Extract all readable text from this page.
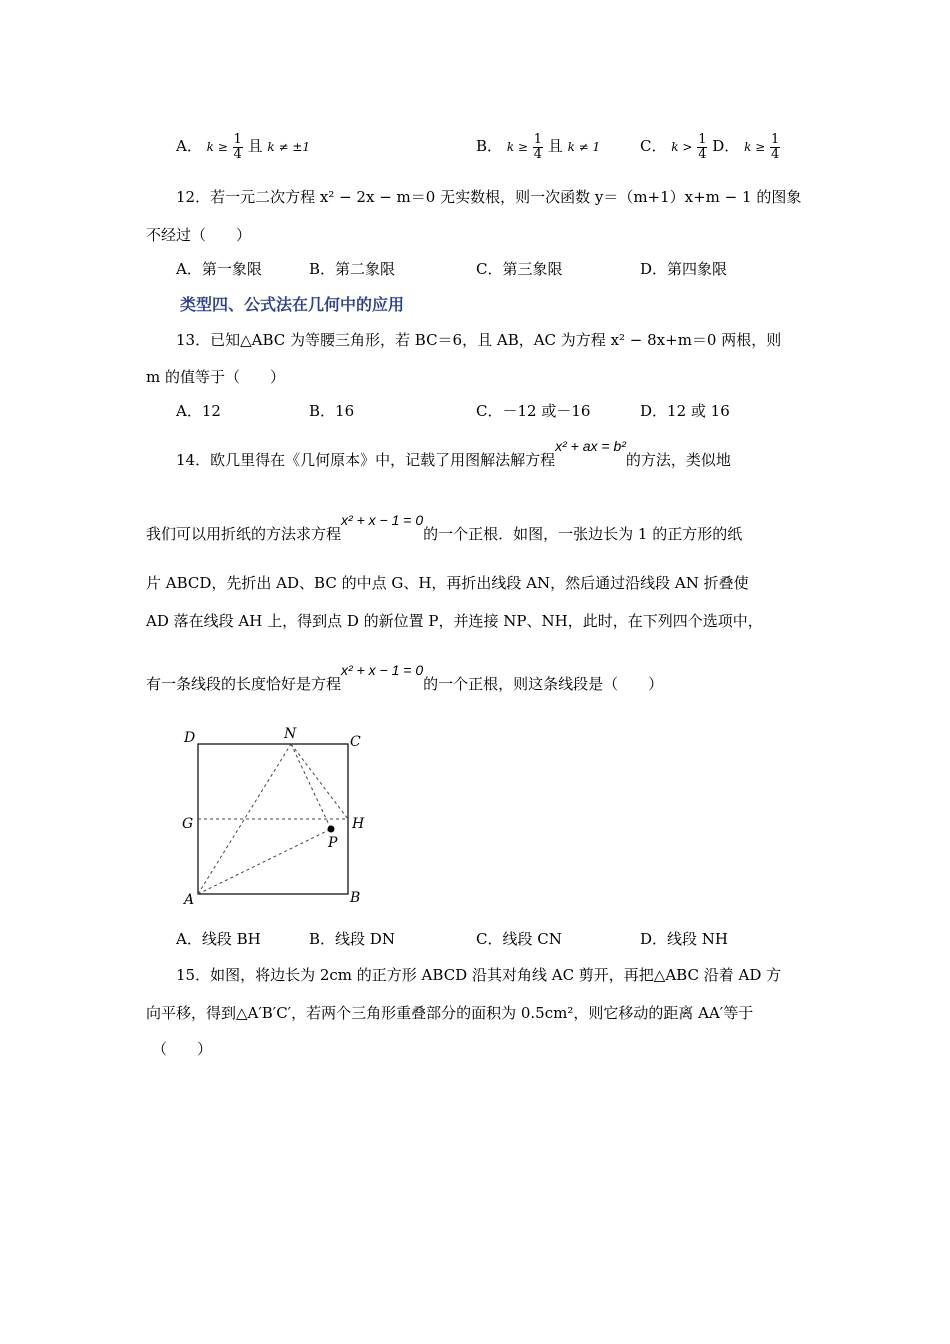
A． $k \ge \frac{1}{4}$ 且 k ≠ ±1	B． $k \ge \frac{1}{4}$ 且 k ≠ 1	C． $k > \frac{1}{4}$ D． $k \ge \frac{1}{4}$
12．若一元二次方程 x² − 2x − m＝0 无实数根，则一次函数 y＝（m+1）x+m − 1 的图象
不经过（　　）
A．第一象限	B．第二象限	C．第三象限	D．第四象限
类型四、公式法在几何中的应用
13．已知△ABC 为等腰三角形，若 BC＝6，且 AB，AC 为方程 x² − 8x+m＝0 两根，则
m 的值等于（　　）
A．12	B．16	C．－12 或－16	D．12 或 16
14．欧几里得在《几何原本》中，记载了用图解法解方程x² + ax = b²的方法，类似地
我们可以用折纸的方法求方程x² + x − 1 = 0的一个正根．如图，一张边长为 1 的正方形的纸
片 ABCD，先折出 AD、BC 的中点 G、H，再折出线段 AN，然后通过沿线段 AN 折叠使
AD 落在线段 AH 上，得到点 D 的新位置 P，并连接 NP、NH，此时，在下列四个选项中，
有一条线段的长度恰好是方程x² + x − 1 = 0的一个正根，则这条线段是（　　）
D	N	C
G	H
P
A	B
A．线段 BH	B．线段 DN	C．线段 CN	D．线段 NH
15．如图，将边长为 2cm 的正方形 ABCD 沿其对角线 AC 剪开，再把△ABC 沿着 AD 方
向平移，得到△A′B′C′，若两个三角形重叠部分的面积为 0.5cm²，则它移动的距离 AA′等于
（　　）
